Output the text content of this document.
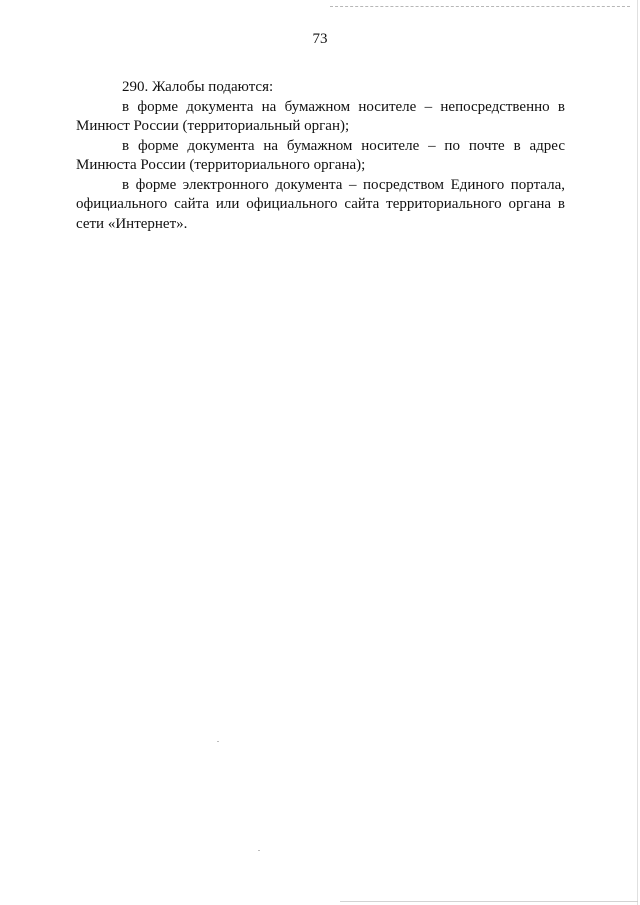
73

290. Жалобы подаются:

в форме документа на бумажном носителе – непосредственно в Минюст России (территориальный орган);

в форме документа на бумажном носителе – по почте в адрес Минюста России (территориального органа);

в форме электронного документа – посредством Единого портала, официального сайта или официального сайта территориального органа в сети «Интернет».
